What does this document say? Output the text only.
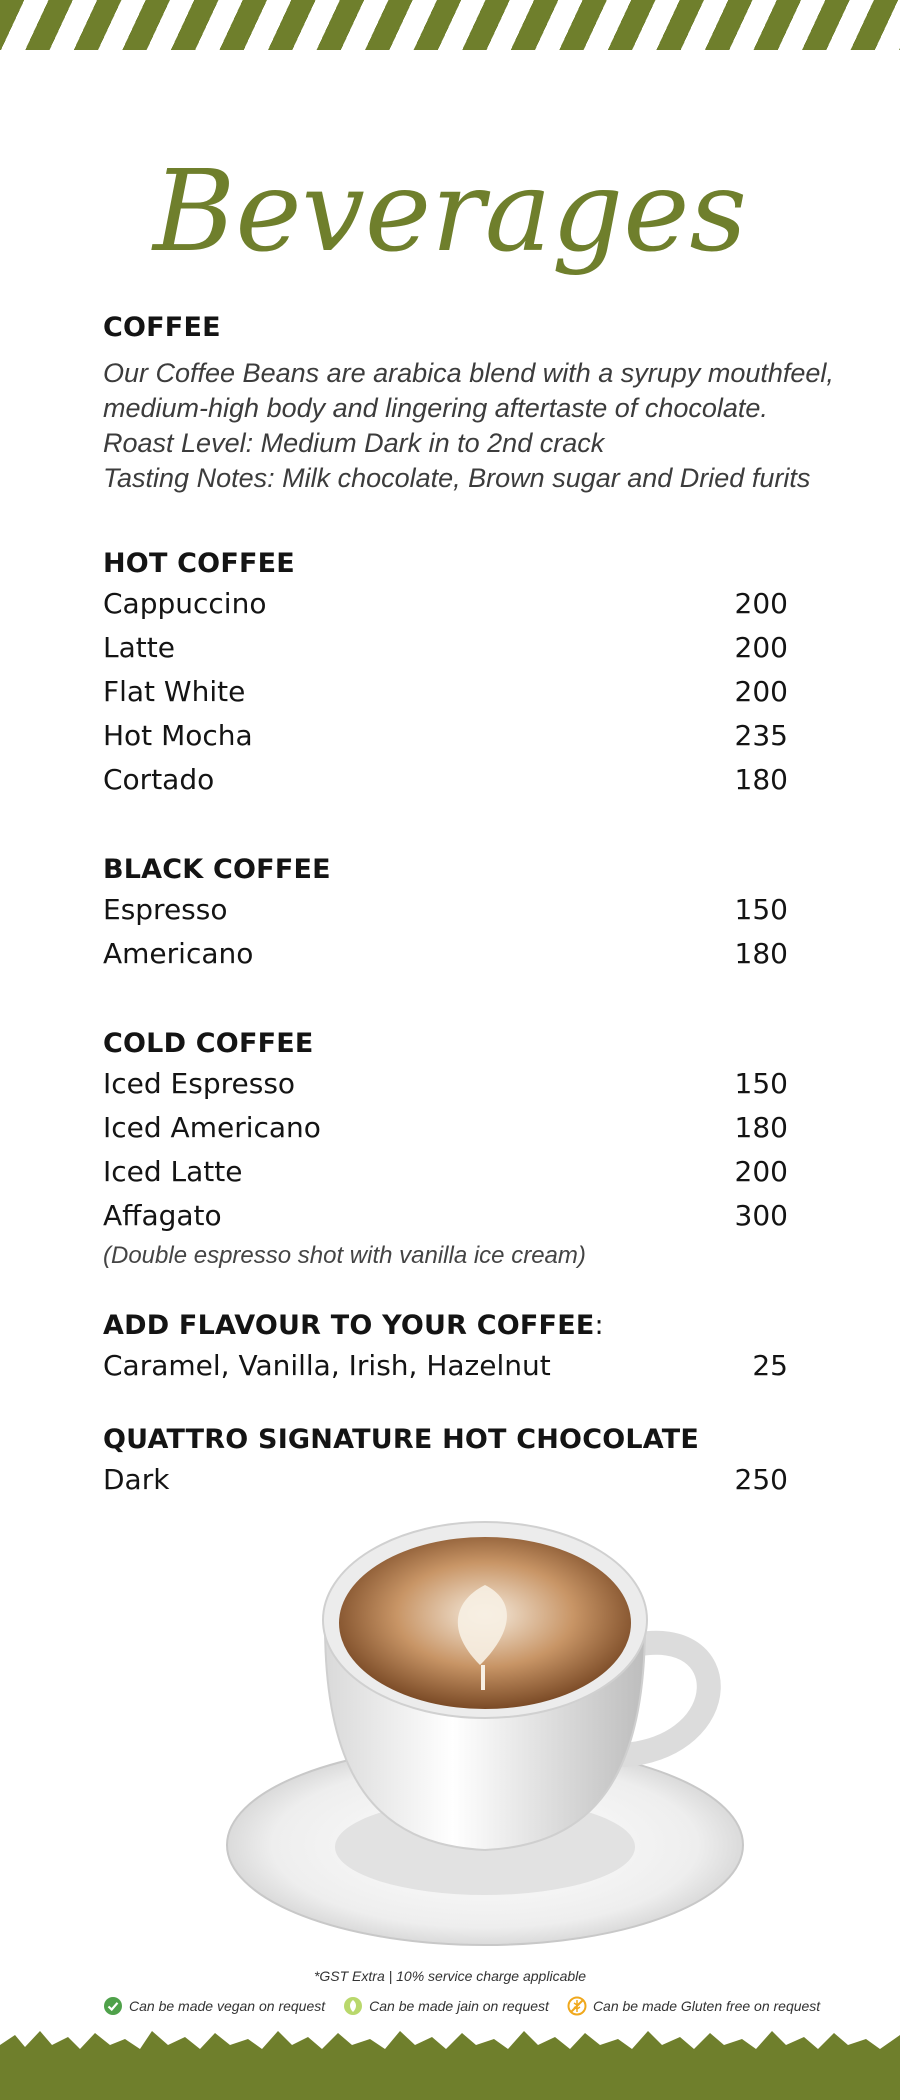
Beverages
COFFEE
Our Coffee Beans are arabica blend with a syrupy mouthfeel,
medium-high body and lingering aftertaste of chocolate.
Roast Level: Medium Dark in to 2nd crack
Tasting Notes: Milk chocolate, Brown sugar and Dried furits
HOT COFFEE
Cappuccino	200
Latte	200
Flat White	200
Hot Mocha	235
Cortado	180
BLACK COFFEE
Espresso	150
Americano	180
COLD COFFEE
Iced Espresso	150
Iced Americano	180
Iced Latte	200
Affagato	300
(Double espresso shot with vanilla ice cream)
ADD FLAVOUR TO YOUR COFFEE:
Caramel, Vanilla, Irish, Hazelnut	25
QUATTRO SIGNATURE HOT CHOCOLATE
Dark	250
*GST Extra | 10% service charge applicable
Can be made vegan on request	Can be made jain on request	Can be made Gluten free on request
